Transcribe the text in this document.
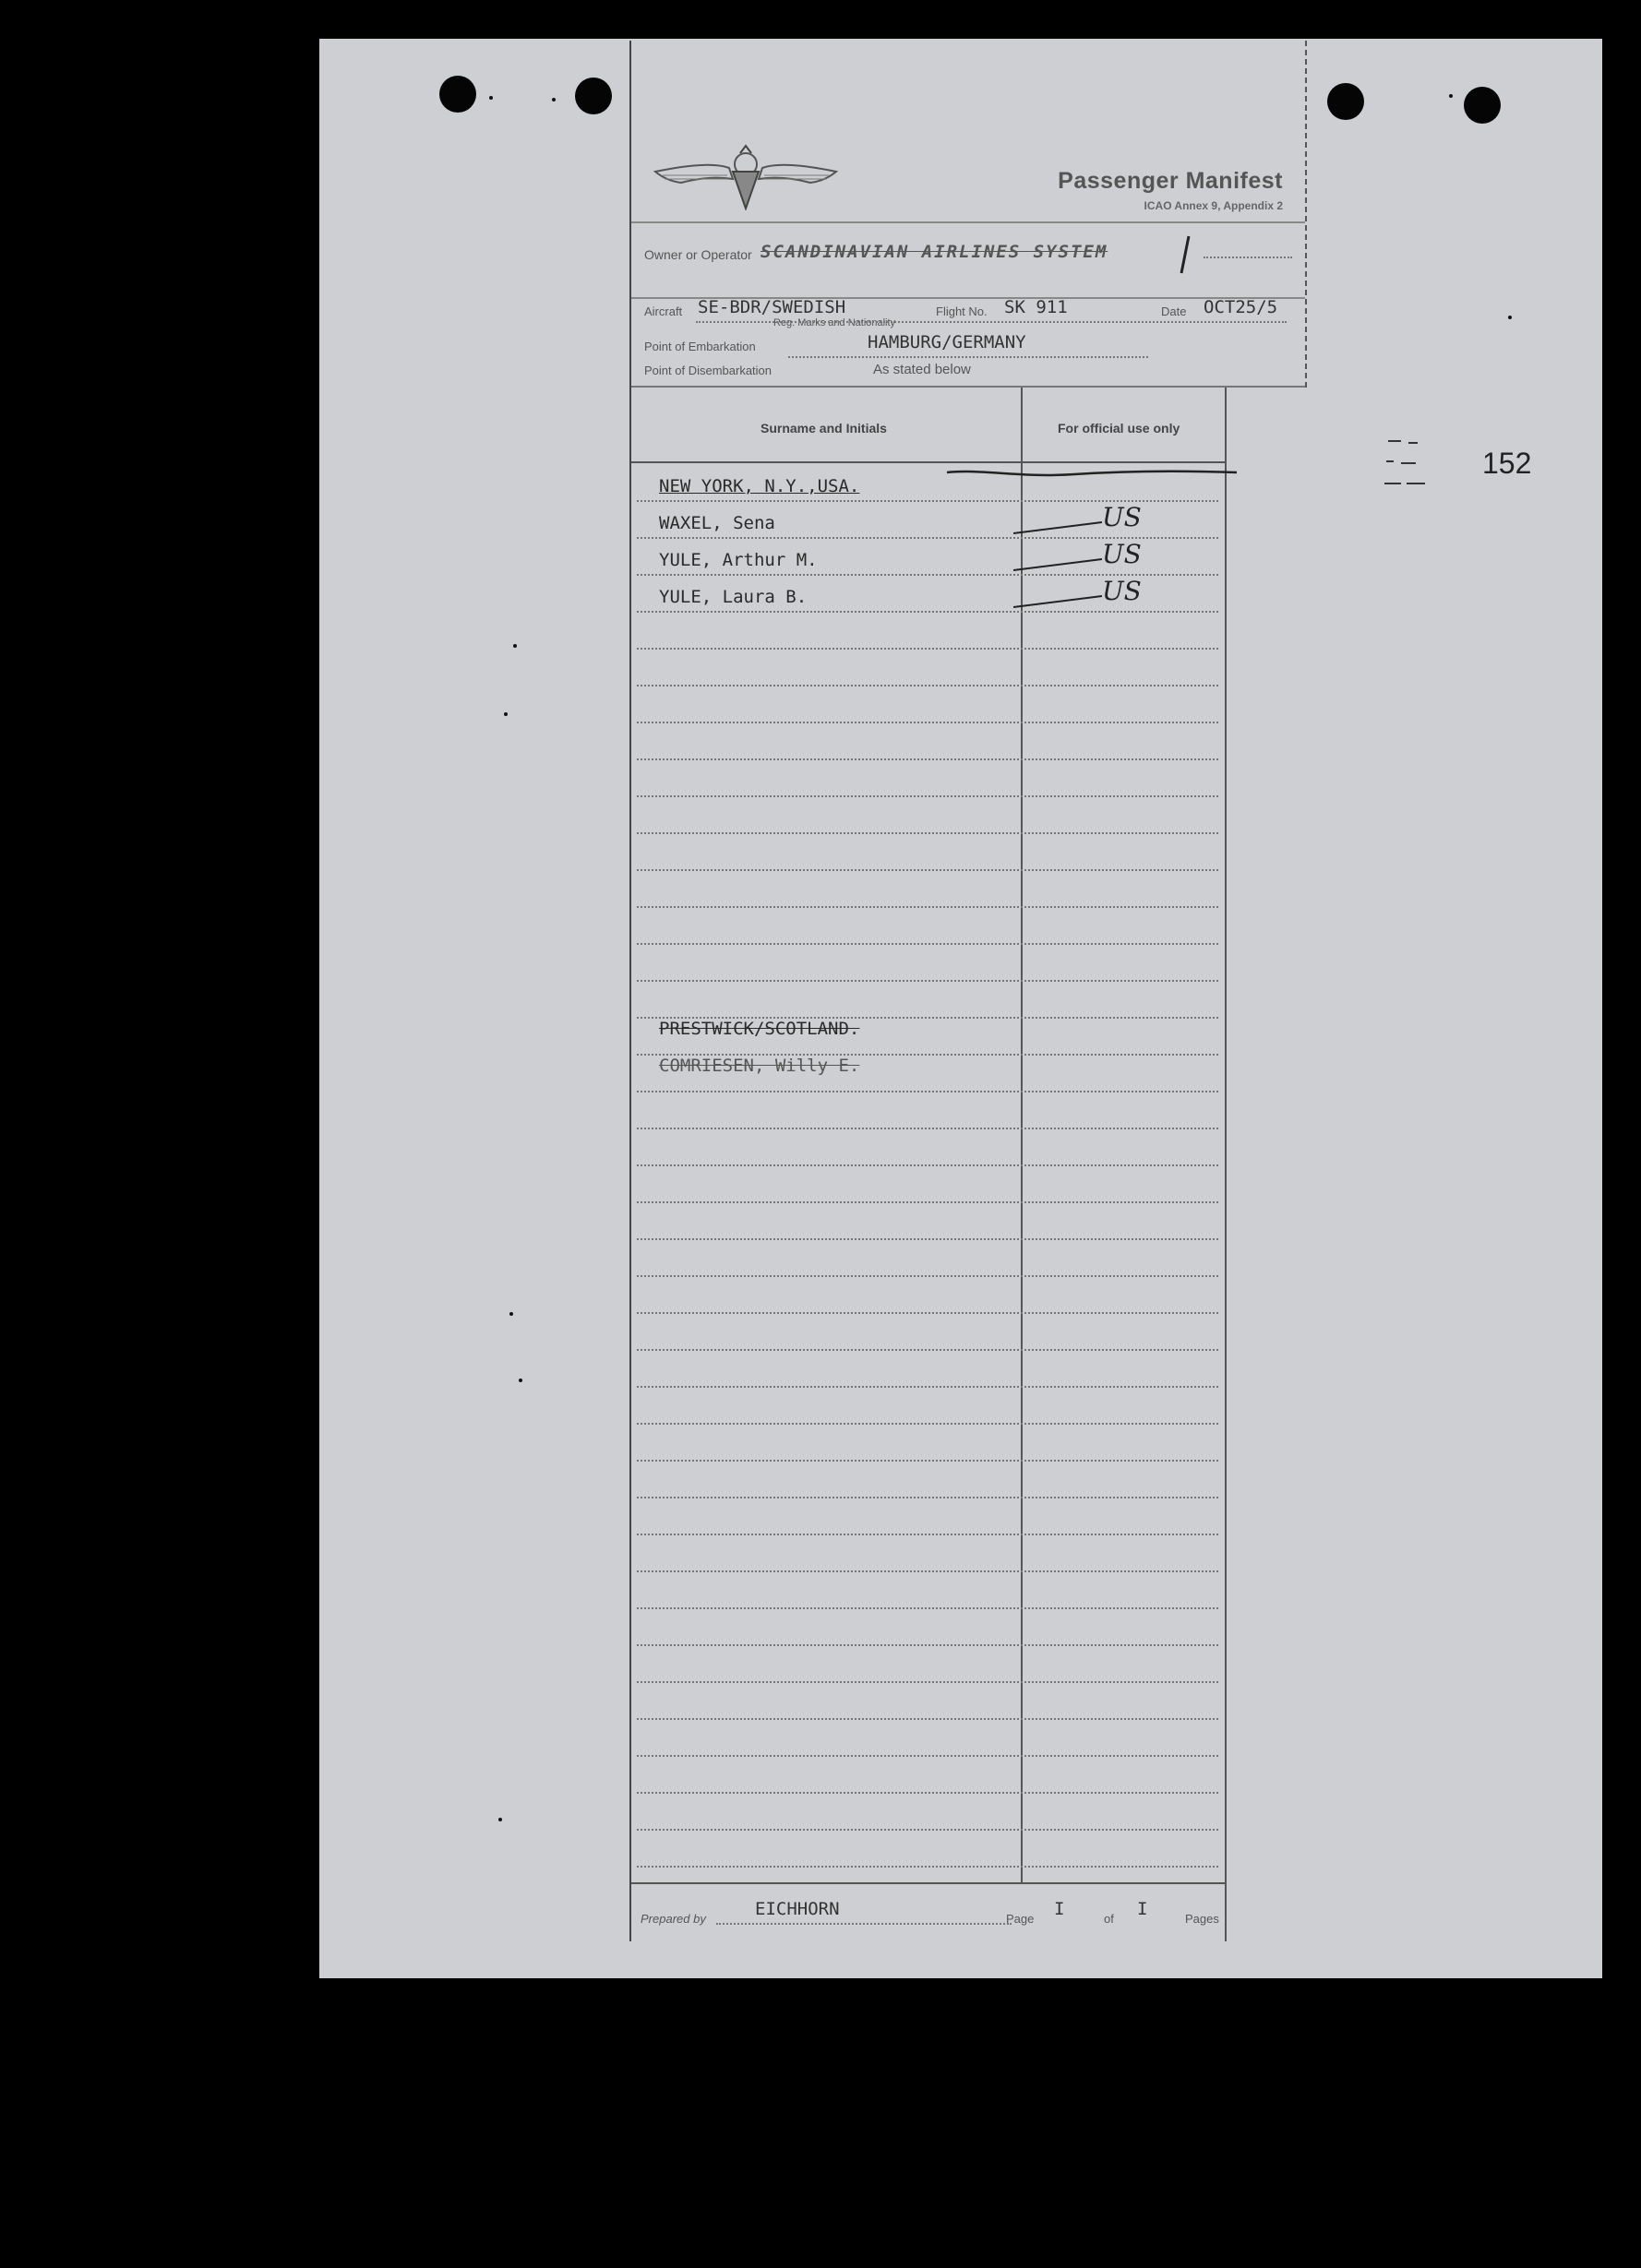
152
Passenger Manifest
ICAO Annex 9, Appendix 2
Owner or Operator SCANDINAVIAN AIRLINES SYSTEM
Aircraft SE-BDR/SWEDISH
Reg. Marks and Nationality
Flight No. SK 911	Date OCT25/5
Point of Embarkation	HAMBURG/GERMANY
Point of Disembarkation	As stated below
Surname and Initials	For official use only
NEW YORK, N.Y.,USA.
WAXEL, Sena	US
YULE, Arthur M.	US
YULE, Laura B.	US
PRESTWICK/SCOTLAND.
COMRIESEN, Willy E.
Prepared by	EICHHORN	Page I	of I	Pages
